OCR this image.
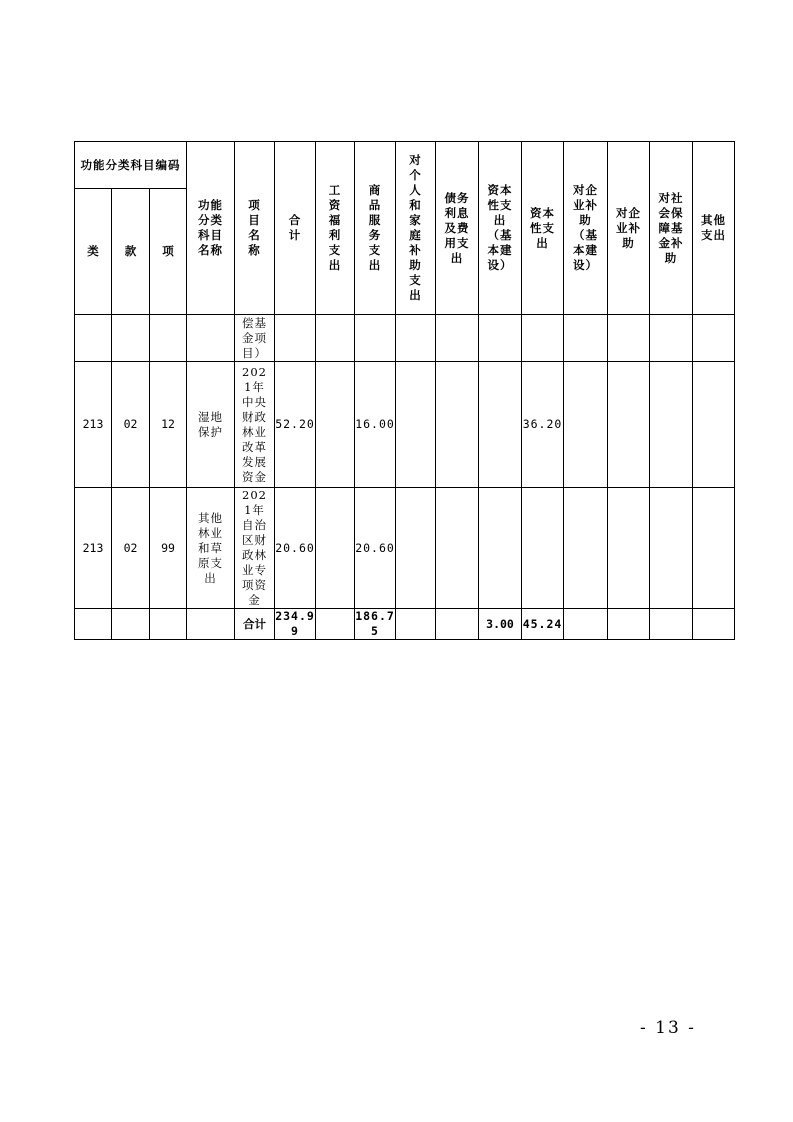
功能分类科目编码			功能分类科目名称	项目名称	合计	工资福利支出	商品服务支出	对个人和家庭补助支出	债务利息及费用支出	资本性支出（基本建设）	资本性支出	对企业补助（基本建设）	对企业补助	对社会保障基金补助	其他支出

类	款	项													

				偿基金项目）											

213	02	12	湿地保护	2021年中央财政林业改革发展资金	52.20		16.00				36.20				

213	02	99	其他林业和草原支出	2021年自治区财政林业专项资金	20.60		20.60								

				合计	234.99		186.75			3.00	45.24				

- 13 -
